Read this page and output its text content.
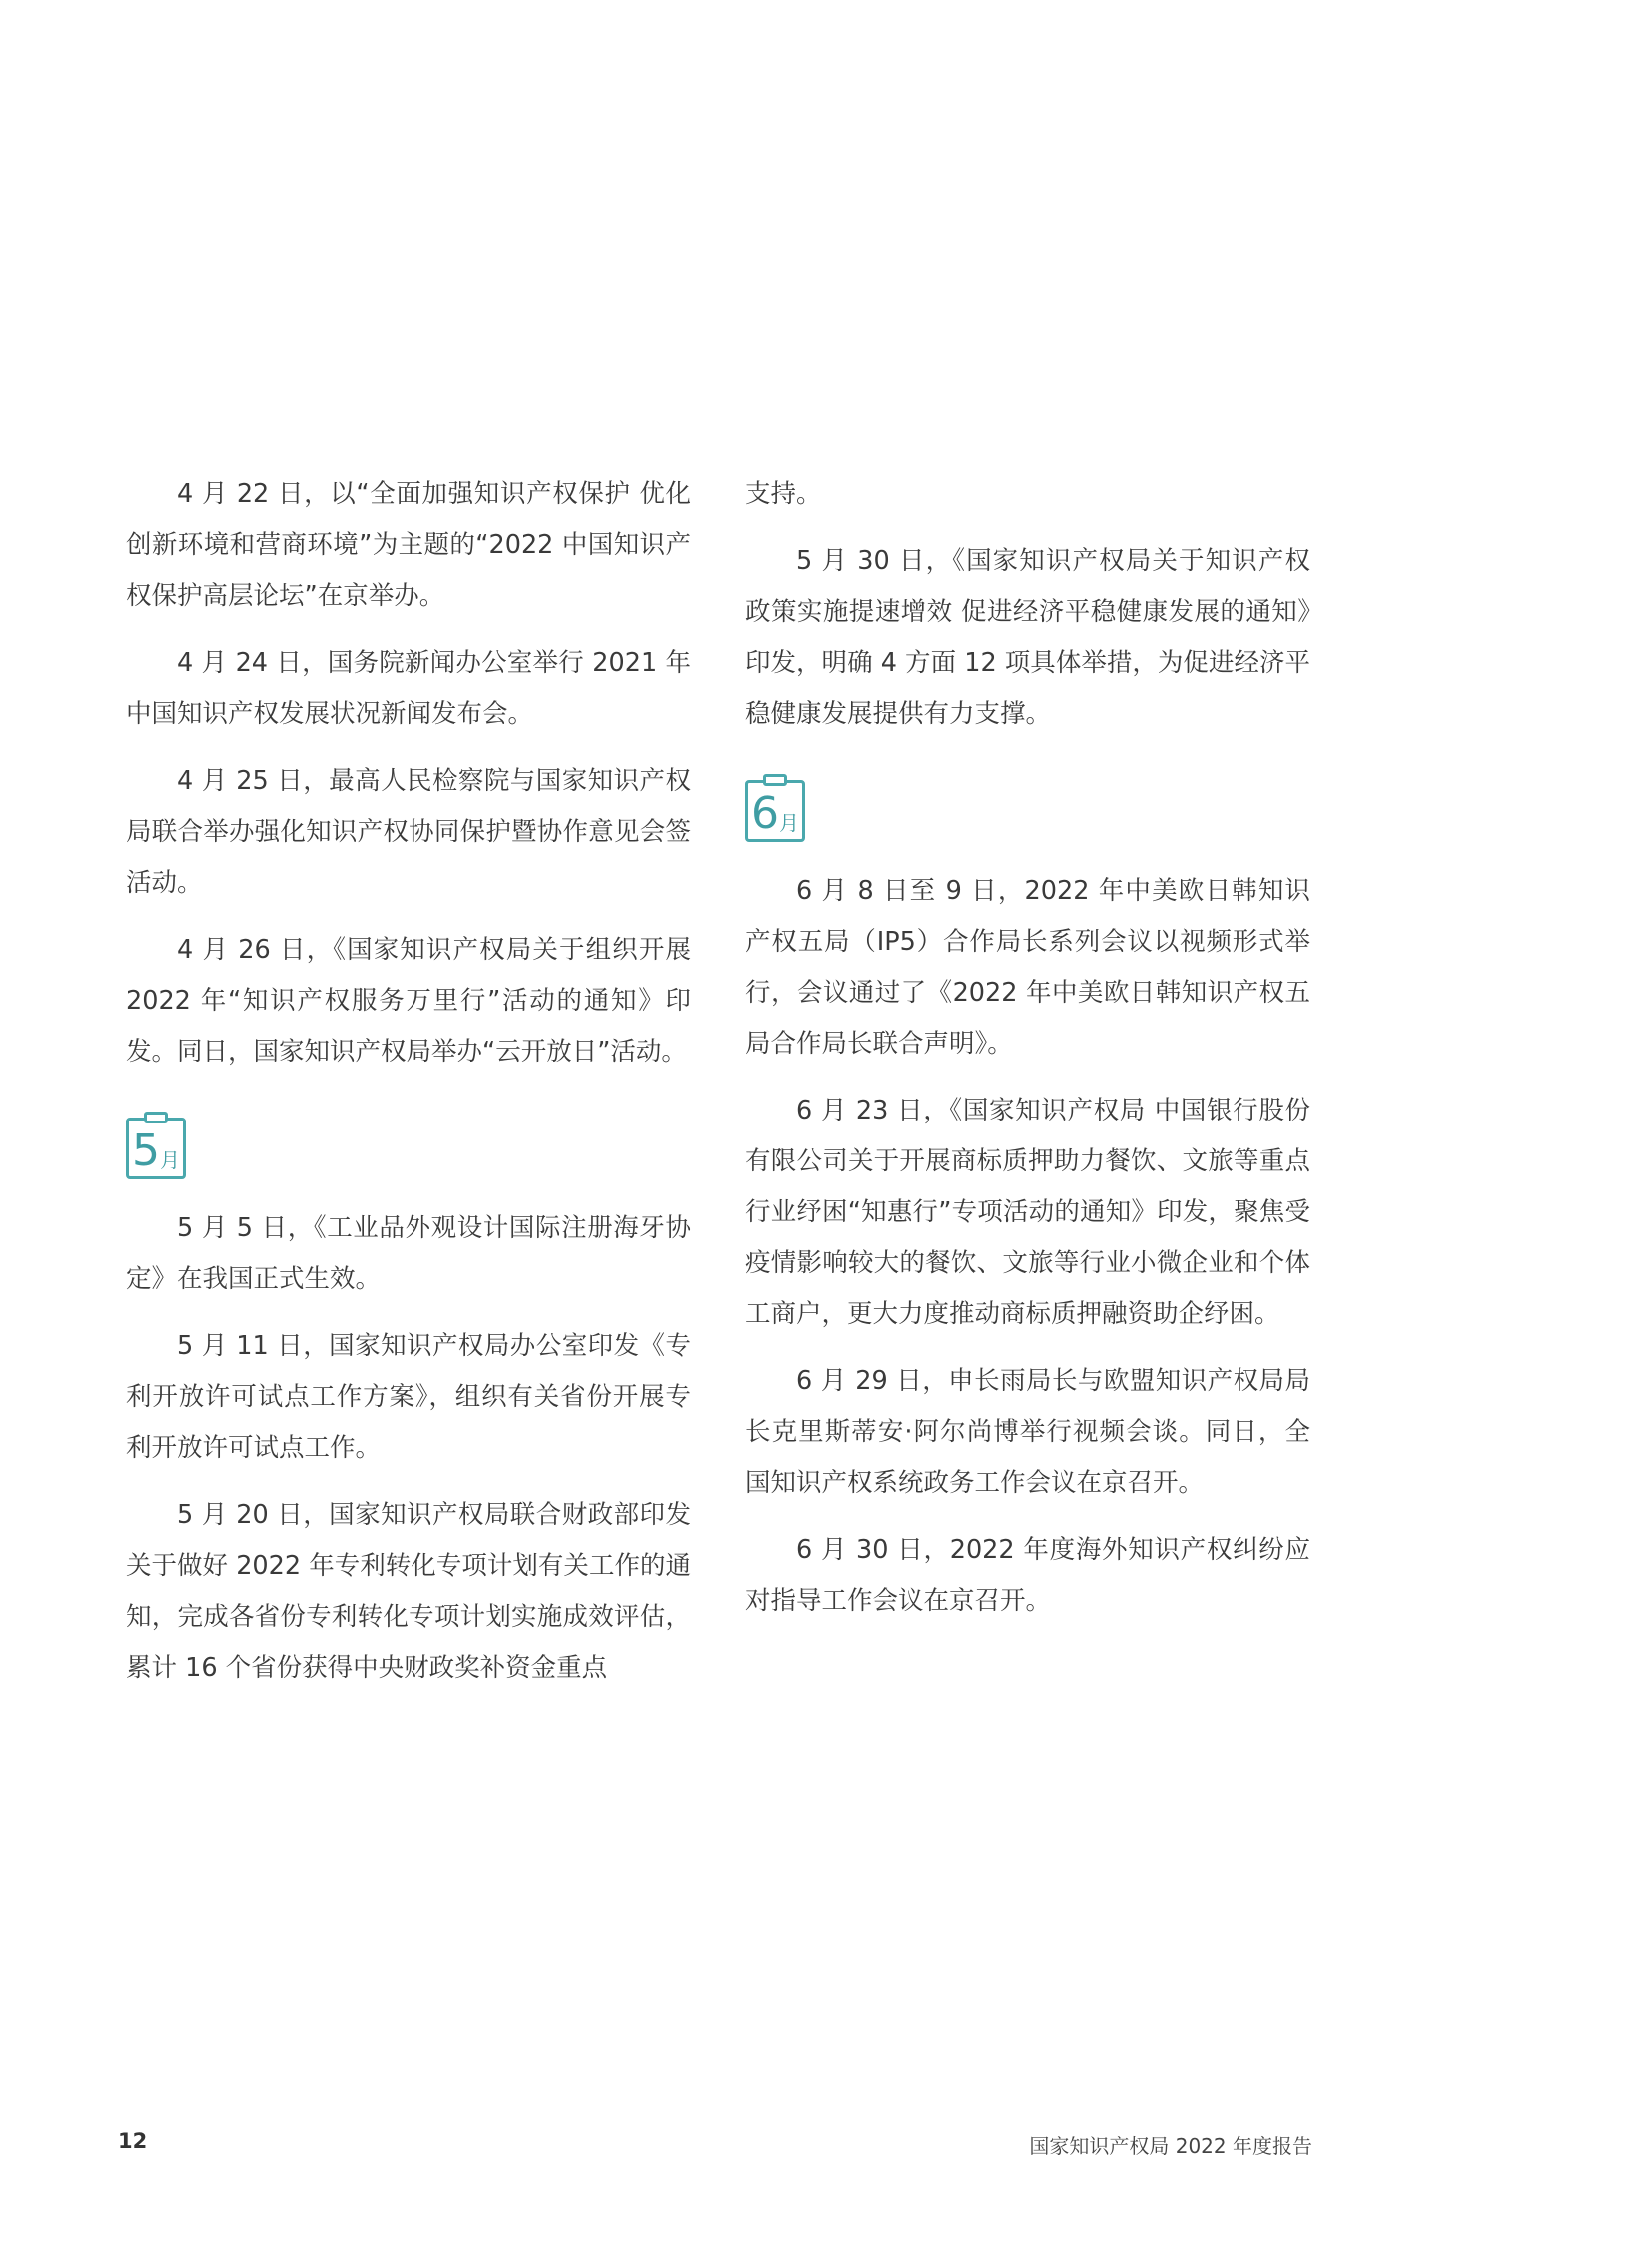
4 月 22 日，以“全面加强知识产权保护 优化创新环境和营商环境”为主题的“2022 中国知识产权保护高层论坛”在京举办。

4 月 24 日，国务院新闻办公室举行 2021 年中国知识产权发展状况新闻发布会。

4 月 25 日，最高人民检察院与国家知识产权局联合举办强化知识产权协同保护暨协作意见会签活动。

4 月 26 日，《国家知识产权局关于组织开展 2022 年“知识产权服务万里行”活动的通知》印发。同日，国家知识产权局举办“云开放日”活动。

5 月

5 月 5 日，《工业品外观设计国际注册海牙协定》在我国正式生效。

5 月 11 日，国家知识产权局办公室印发《专利开放许可试点工作方案》，组织有关省份开展专利开放许可试点工作。

5 月 20 日，国家知识产权局联合财政部印发关于做好 2022 年专利转化专项计划有关工作的通知，完成各省份专利转化专项计划实施成效评估，累计 16 个省份获得中央财政奖补资金重点

支持。

5 月 30 日，《国家知识产权局关于知识产权政策实施提速增效 促进经济平稳健康发展的通知》印发，明确 4 方面 12 项具体举措，为促进经济平稳健康发展提供有力支撑。

6 月

6 月 8 日至 9 日，2022 年中美欧日韩知识产权五局（IP5）合作局长系列会议以视频形式举行，会议通过了《2022 年中美欧日韩知识产权五局合作局长联合声明》。

6 月 23 日，《国家知识产权局 中国银行股份有限公司关于开展商标质押助力餐饮、文旅等重点行业纾困“知惠行”专项活动的通知》印发，聚焦受疫情影响较大的餐饮、文旅等行业小微企业和个体工商户，更大力度推动商标质押融资助企纾困。

6 月 29 日，申长雨局长与欧盟知识产权局局长克里斯蒂安·阿尔尚博举行视频会谈。同日，全国知识产权系统政务工作会议在京召开。

6 月 30 日，2022 年度海外知识产权纠纷应对指导工作会议在京召开。

12	国家知识产权局 2022 年度报告
